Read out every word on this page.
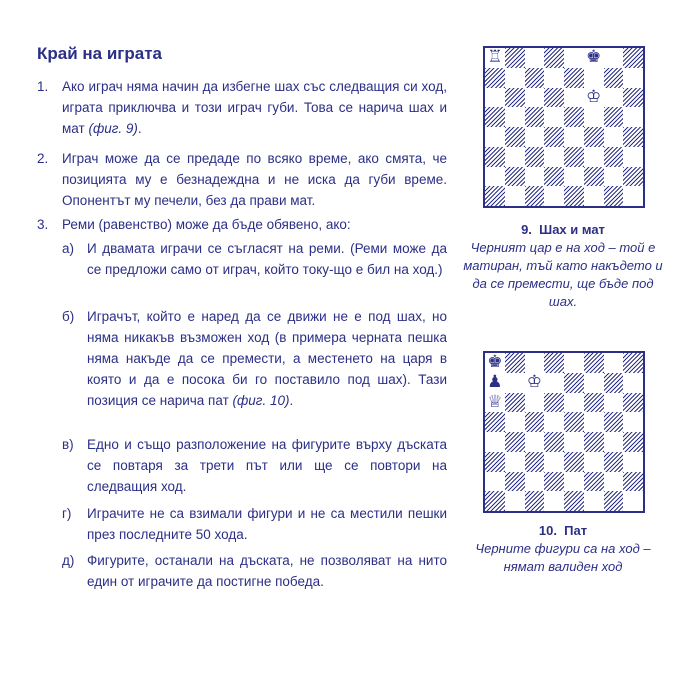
Край на играта
1. Ако играч няма начин да избегне шах със следващия си ход, играта приключва и този играч губи. Това се нарича шах и мат (фиг. 9).
2. Играч може да се предаде по всяко време, ако смята, че позицията му е безнадеждна и не иска да губи време. Опонентът му печели, без да прави мат.
3. Реми (равенство) може да бъде обявено, ако:
а) И двамата играчи се съгласят на реми. (Реми може да се предложи само от играч, който току-що е бил на ход.)
б) Играчът, който е наред да се движи не е под шах, но няма никакъв възможен ход (в примера черната пешка няма накъде да се премести, а местенето на царя в която и да е посока би го поставило под шах). Тази позиция се нарича пат (фиг. 10).
в) Едно и също разположение на фигурите върху дъската се повтаря за трети път или ще се повтори на следващия ход.
г) Играчите не са взимали фигури и не са местили пешки през последните 50 хода.
д) Фигурите, останали на дъската, не позволяват на нито един от играчите да постигне победа.
♖	♚
♔
9. Шах и мат
Черният цар е на ход – той е матиран, тъй като накъдето и да се премести, ще бъде под шах.
♚
♟ ♔
♕
10. Пат
Черните фигури са на ход – нямат валиден ход
